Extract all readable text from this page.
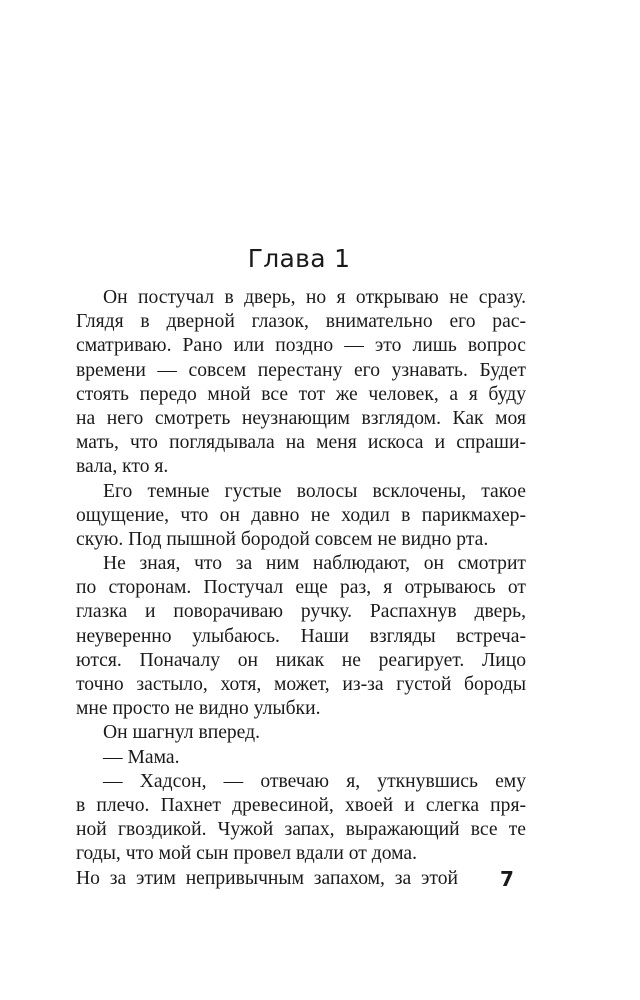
Глава 1
Он постучал в дверь, но я открываю не сразу.
Глядя в дверной глазок, внимательно его рас-
сматриваю. Рано или поздно — это лишь вопрос
времени — совсем перестану его узнавать. Будет
стоять передо мной все тот же человек, а я буду
на него смотреть неузнающим взглядом. Как моя
мать, что поглядывала на меня искоса и спраши-
вала, кто я.
Его темные густые волосы всклочены, такое
ощущение, что он давно не ходил в парикмахер-
скую. Под пышной бородой совсем не видно рта.
Не зная, что за ним наблюдают, он смотрит
по сторонам. Постучал еще раз, я отрываюсь от
глазка и поворачиваю ручку. Распахнув дверь,
неуверенно улыбаюсь. Наши взгляды встреча-
ются. Поначалу он никак не реагирует. Лицо
точно застыло, хотя, может, из-за густой бороды
мне просто не видно улыбки.
Он шагнул вперед.
— Мама.
— Хадсон, — отвечаю я, уткнувшись ему
в плечо. Пахнет древесиной, хвоей и слегка пря-
ной гвоздикой. Чужой запах, выражающий все те
годы, что мой сын провел вдали от дома.
Но за этим непривычным запахом, за этой 7
